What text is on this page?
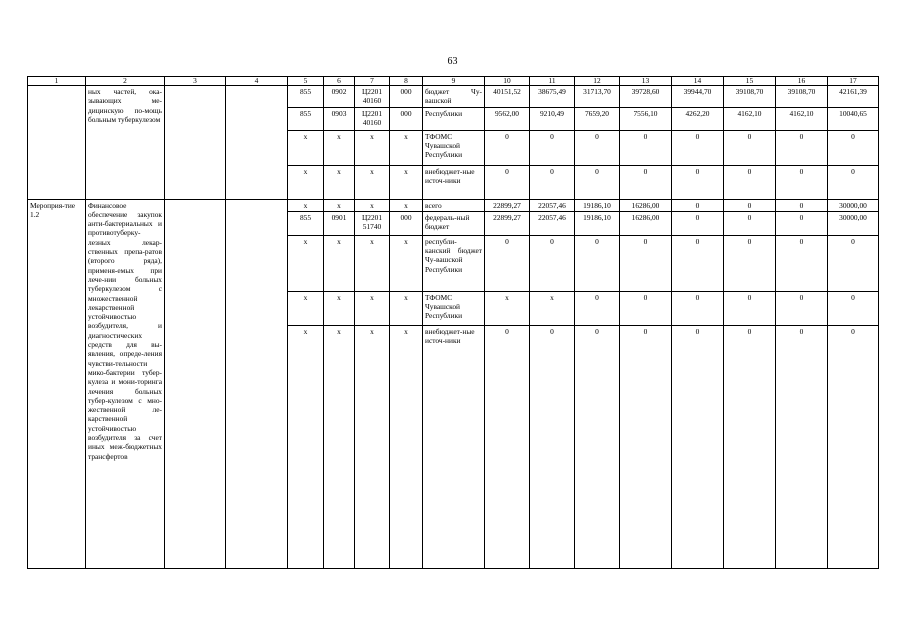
63
1	2	3	4	5	6	7	8	9	10	11	12	13	14	15	16	17
	ных частей, ока-зывающих ме-дицинскую по-мощь больным туберкулезом			855	0902	Ц2201 40160	000	бюджет Чу-вашской	40151,52	38675,49	31713,70	39728,60	39944,70	39108,70	39108,70	42161,39
				855	0903	Ц2201 40160	000	Республики	9562,00	9210,49	7659,20	7556,10	4262,20	4162,10	4162,10	10040,65
				х	х	х	х	ТФОМС Чувашской Республики	0	0	0	0	0	0	0	0
				х	х	х	х	внебюджет-ные источ-ники	0	0	0	0	0	0	0	0
Мероприя-тие 1.2	Финансовое обеспечение закупок анти-бактериальных и противотуберку-лезных лекар-ственных препа-ратов (второго ряда), применя-емых при лече-нии больных туберкулезом с множественной лекарственной устойчивостью возбудителя, и диагностических средств для вы-явления, опреде-ления чувстви-тельности мико-бактерии тубер-кулеза и мони-торинга лечения больных тубер-кулезом с мно-жественной ле-карственной устойчивостью возбудителя за счет иных меж-бюджетных трансфертов			х	х	х	х	всего	22899,27	22057,46	19186,10	16286,00	0	0	0	30000,00
				855	0901	Ц2201 51740	000	федераль-ный бюджет	22899,27	22057,46	19186,10	16286,00	0	0	0	30000,00
				х	х	х	х	республи-канский бюджет Чу-вашской Республики	0	0	0	0	0	0	0	0
				х	х	х	х	ТФОМС Чувашской Республики	х	х	0	0	0	0	0	0
				х	х	х	х	внебюджет-ные источ-ники	0	0	0	0	0	0	0	0
